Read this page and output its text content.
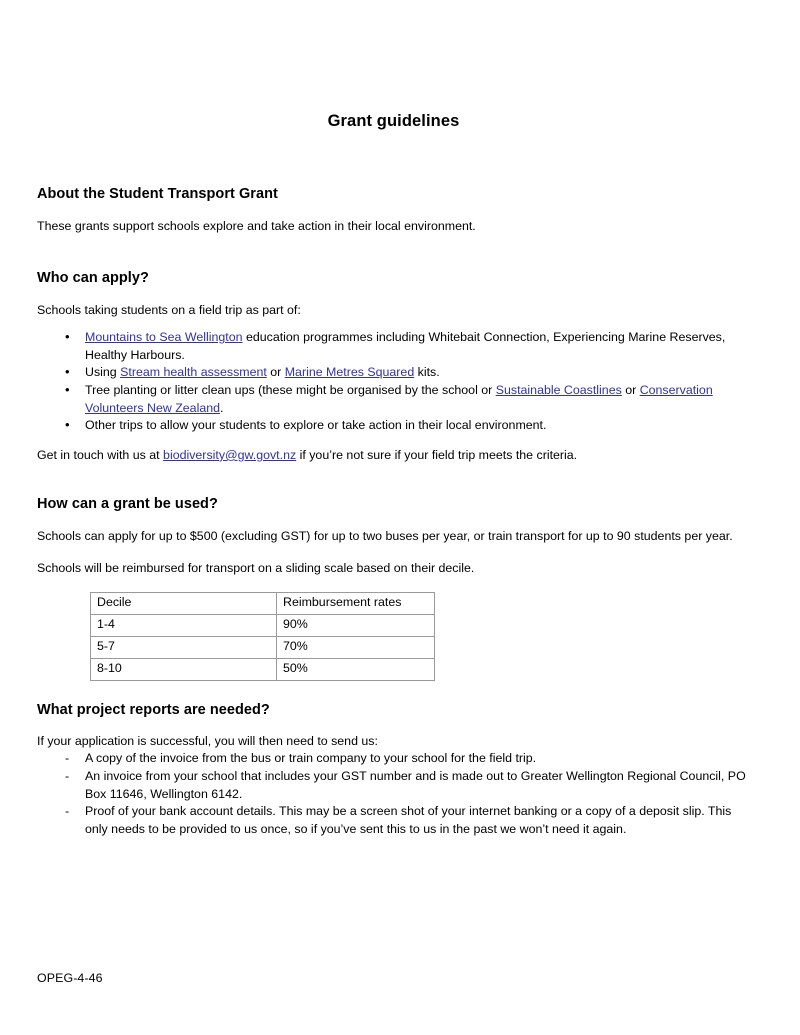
Grant guidelines
About the Student Transport Grant

These grants support schools explore and take action in their local environment.

Who can apply?

Schools taking students on a field trip as part of:

• Mountains to Sea Wellington education programmes including Whitebait Connection, Experiencing Marine Reserves, Healthy Harbours.
• Using Stream health assessment or Marine Metres Squared kits.
• Tree planting or litter clean ups (these might be organised by the school or Sustainable Coastlines or Conservation Volunteers New Zealand.
• Other trips to allow your students to explore or take action in their local environment.

Get in touch with us at biodiversity@gw.govt.nz if you’re not sure if your field trip meets the criteria.

How can a grant be used?

Schools can apply for up to $500 (excluding GST) for up to two buses per year, or train transport for up to 90 students per year.

Schools will be reimbursed for transport on a sliding scale based on their decile.

Decile	Reimbursement rates
1-4	90%
5-7	70%
8-10	50%
What project reports are needed?

If your application is successful, you will then need to send us:

- A copy of the invoice from the bus or train company to your school for the field trip.
- An invoice from your school that includes your GST number and is made out to Greater Wellington Regional Council, PO Box 11646, Wellington 6142.
- Proof of your bank account details. This may be a screen shot of your internet banking or a copy of a deposit slip. This only needs to be provided to us once, so if you’ve sent this to us in the past we won’t need it again.
OPEG-4-46
